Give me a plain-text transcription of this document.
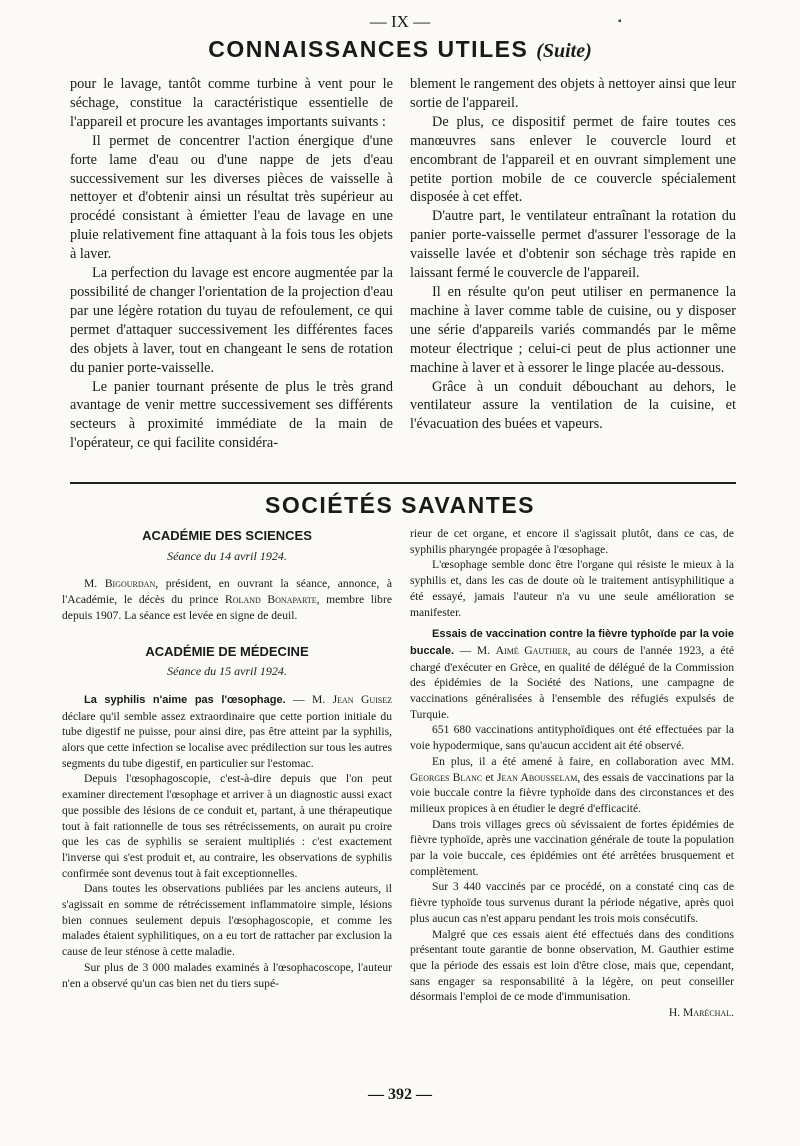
— IX —	▪
CONNAISSANCES UTILES (Suite)

pour le lavage, tantôt comme turbine à vent pour le séchage, constitue la caractéristique essentielle de l'appareil et procure les avantages importants suivants :

Il permet de concentrer l'action énergique d'une forte lame d'eau ou d'une nappe de jets d'eau successivement sur les diverses pièces de vaisselle à nettoyer et d'obtenir ainsi un résultat très supérieur au procédé consistant à émietter l'eau de lavage en une pluie relativement fine attaquant à la fois tous les objets à laver.

La perfection du lavage est encore augmentée par la possibilité de changer l'orientation de la projection d'eau par une légère rotation du tuyau de refoulement, ce qui permet d'attaquer successivement les différentes faces des objets à laver, tout en changeant le sens de rotation du panier porte-vaisselle.

Le panier tournant présente de plus le très grand avantage de venir mettre successivement ses différents secteurs à proximité immédiate de la main de l'opérateur, ce qui facilite considéra-

blement le rangement des objets à nettoyer ainsi que leur sortie de l'appareil.

De plus, ce dispositif permet de faire toutes ces manœuvres sans enlever le couvercle lourd et encombrant de l'appareil et en ouvrant simplement une petite portion mobile de ce couvercle spécialement disposée à cet effet.

D'autre part, le ventilateur entraînant la rotation du panier porte-vaisselle permet d'assurer l'essorage de la vaisselle lavée et d'obtenir son séchage très rapide en laissant fermé le couvercle de l'appareil.

Il en résulte qu'on peut utiliser en permanence la machine à laver comme table de cuisine, ou y disposer une série d'appareils variés commandés par le même moteur électrique ; celui-ci peut de plus actionner une machine à laver et à essorer le linge placée au-dessous.

Grâce à un conduit débouchant au dehors, le ventilateur assure la ventilation de la cuisine, et l'évacuation des buées et vapeurs.

SOCIÉTÉS SAVANTES
ACADÉMIE DES SCIENCES
Séance du 14 avril 1924.

M. Bigourdan, président, en ouvrant la séance, annonce, à l'Académie, le décès du prince Roland Bonaparte, membre libre depuis 1907. La séance est levée en signe de deuil.

ACADÉMIE DE MÉDECINE
Séance du 15 avril 1924.

La syphilis n'aime pas l'œsophage. — M. Jean Guisez déclare qu'il semble assez extraordinaire que cette portion initiale du tube digestif ne puisse, pour ainsi dire, pas être atteint par la syphilis, alors que cette infection se localise avec prédilection sur tous les autres segments du tube digestif, en particulier sur l'estomac.

Depuis l'œsophagoscopie, c'est-à-dire depuis que l'on peut examiner directement l'œsophage et arriver à un diagnostic aussi exact que possible des lésions de ce conduit et, partant, à une thérapeutique tout à fait rationnelle de tous ses rétrécissements, on aurait pu croire que les cas de syphilis se seraient multipliés : c'est exactement l'inverse qui s'est produit et, au contraire, les observations de syphilis confirmée sont devenus tout à fait exceptionnelles.

Dans toutes les observations publiées par les anciens auteurs, il s'agissait en somme de rétrécissement inflammatoire simple, lésions bien connues seulement depuis l'œsophagoscopie, et comme les malades étaient syphilitiques, on a eu tort de rattacher par exclusion la cause de leur sténose à cette maladie.

Sur plus de 3 000 malades examinés à l'œsophacoscope, l'auteur n'en a observé qu'un cas bien net du tiers supé-

rieur de cet organe, et encore il s'agissait plutôt, dans ce cas, de syphilis pharyngée propagée à l'œsophage.

L'œsophage semble donc être l'organe qui résiste le mieux à la syphilis et, dans les cas de doute où le traitement antisyphilitique a été essayé, jamais l'auteur n'a vu une seule amélioration se manifester.

Essais de vaccination contre la fièvre typhoïde par la voie buccale. — M. Aimé Gauthier, au cours de l'année 1923, a été chargé d'exécuter en Grèce, en qualité de délégué de la Commission des épidémies de la Société des Nations, une campagne de vaccinations généralisées à l'ensemble des réfugiés expulsés de Turquie.

651 680 vaccinations antityphoïdiques ont été effectuées par la voie hypodermique, sans qu'aucun accident ait été observé.

En plus, il a été amené à faire, en collaboration avec MM. Georges Blanc et Jean Abousselam, des essais de vaccinations par la voie buccale contre la fièvre typhoïde dans des circonstances et des milieux propices à en étudier le degré d'efficacité.

Dans trois villages grecs où sévissaient de fortes épidémies de fièvre typhoïde, après une vaccination générale de toute la population par la voie buccale, ces épidémies ont été arrêtées brusquement et complètement.

Sur 3 440 vaccinés par ce procédé, on a constaté cinq cas de fièvre typhoïde tous survenus durant la période négative, après quoi plus aucun cas n'est apparu pendant les trois mois consécutifs.

Malgré que ces essais aient été effectués dans des conditions présentant toute garantie de bonne observation, M. Gauthier estime que la période des essais est loin d'être close, mais que, cependant, sans engager sa responsabilité à la légère, on peut conseiller désormais l'emploi de ce mode d'immunisation.

H. Maréchal.

— 392 —
